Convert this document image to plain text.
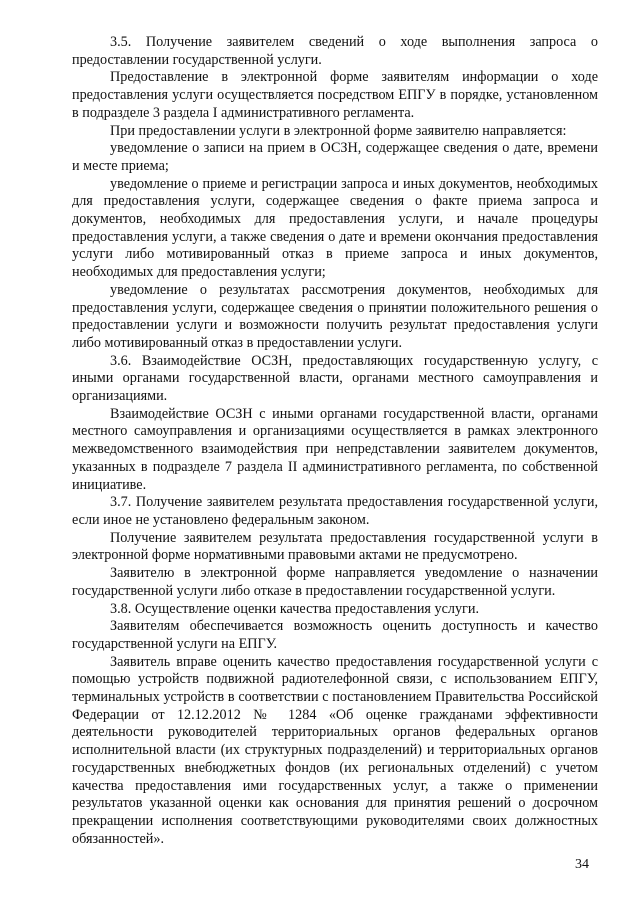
3.5. Получение заявителем сведений о ходе выполнения запроса о предоставлении государственной услуги.

Предоставление в электронной форме заявителям информации о ходе предоставления услуги осуществляется посредством ЕПГУ в порядке, установленном в подразделе 3 раздела I административного регламента.

При предоставлении услуги в электронной форме заявителю направляется:

уведомление о записи на прием в ОСЗН, содержащее сведения о дате, времени и месте приема;

уведомление о приеме и регистрации запроса и иных документов, необходимых для предоставления услуги, содержащее сведения о факте приема запроса и документов, необходимых для предоставления услуги, и начале процедуры предоставления услуги, а также сведения о дате и времени окончания предоставления услуги либо мотивированный отказ в приеме запроса и иных документов, необходимых для предоставления услуги;

уведомление о результатах рассмотрения документов, необходимых для предоставления услуги, содержащее сведения о принятии положительного решения о предоставлении услуги и возможности получить результат предоставления услуги либо мотивированный отказ в предоставлении услуги.

3.6. Взаимодействие ОСЗН, предоставляющих государственную услугу, с иными органами государственной власти, органами местного самоуправления и организациями.

Взаимодействие ОСЗН с иными органами государственной власти, органами местного самоуправления и организациями осуществляется в рамках электронного межведомственного взаимодействия при непредставлении заявителем документов, указанных в подразделе 7 раздела II административного регламента, по собственной инициативе.

3.7. Получение заявителем результата предоставления государственной услуги, если иное не установлено федеральным законом.

Получение заявителем результата предоставления государственной услуги в электронной форме нормативными правовыми актами не предусмотрено.

Заявителю в электронной форме направляется уведомление о назначении государственной услуги либо отказе в предоставлении государственной услуги.

3.8. Осуществление оценки качества предоставления услуги.

Заявителям обеспечивается возможность оценить доступность и качество государственной услуги на ЕПГУ.

Заявитель вправе оценить качество предоставления государственной услуги с помощью устройств подвижной радиотелефонной связи, с использованием ЕПГУ, терминальных устройств в соответствии с постановлением Правительства Российской Федерации от 12.12.2012 № 1284 «Об оценке гражданами эффективности деятельности руководителей территориальных органов федеральных органов исполнительной власти (их структурных подразделений) и территориальных органов государственных внебюджетных фондов (их региональных отделений) с учетом качества предоставления ими государственных услуг, а также о применении результатов указанной оценки как основания для принятия решений о досрочном прекращении исполнения соответствующими руководителями своих должностных обязанностей».

34
